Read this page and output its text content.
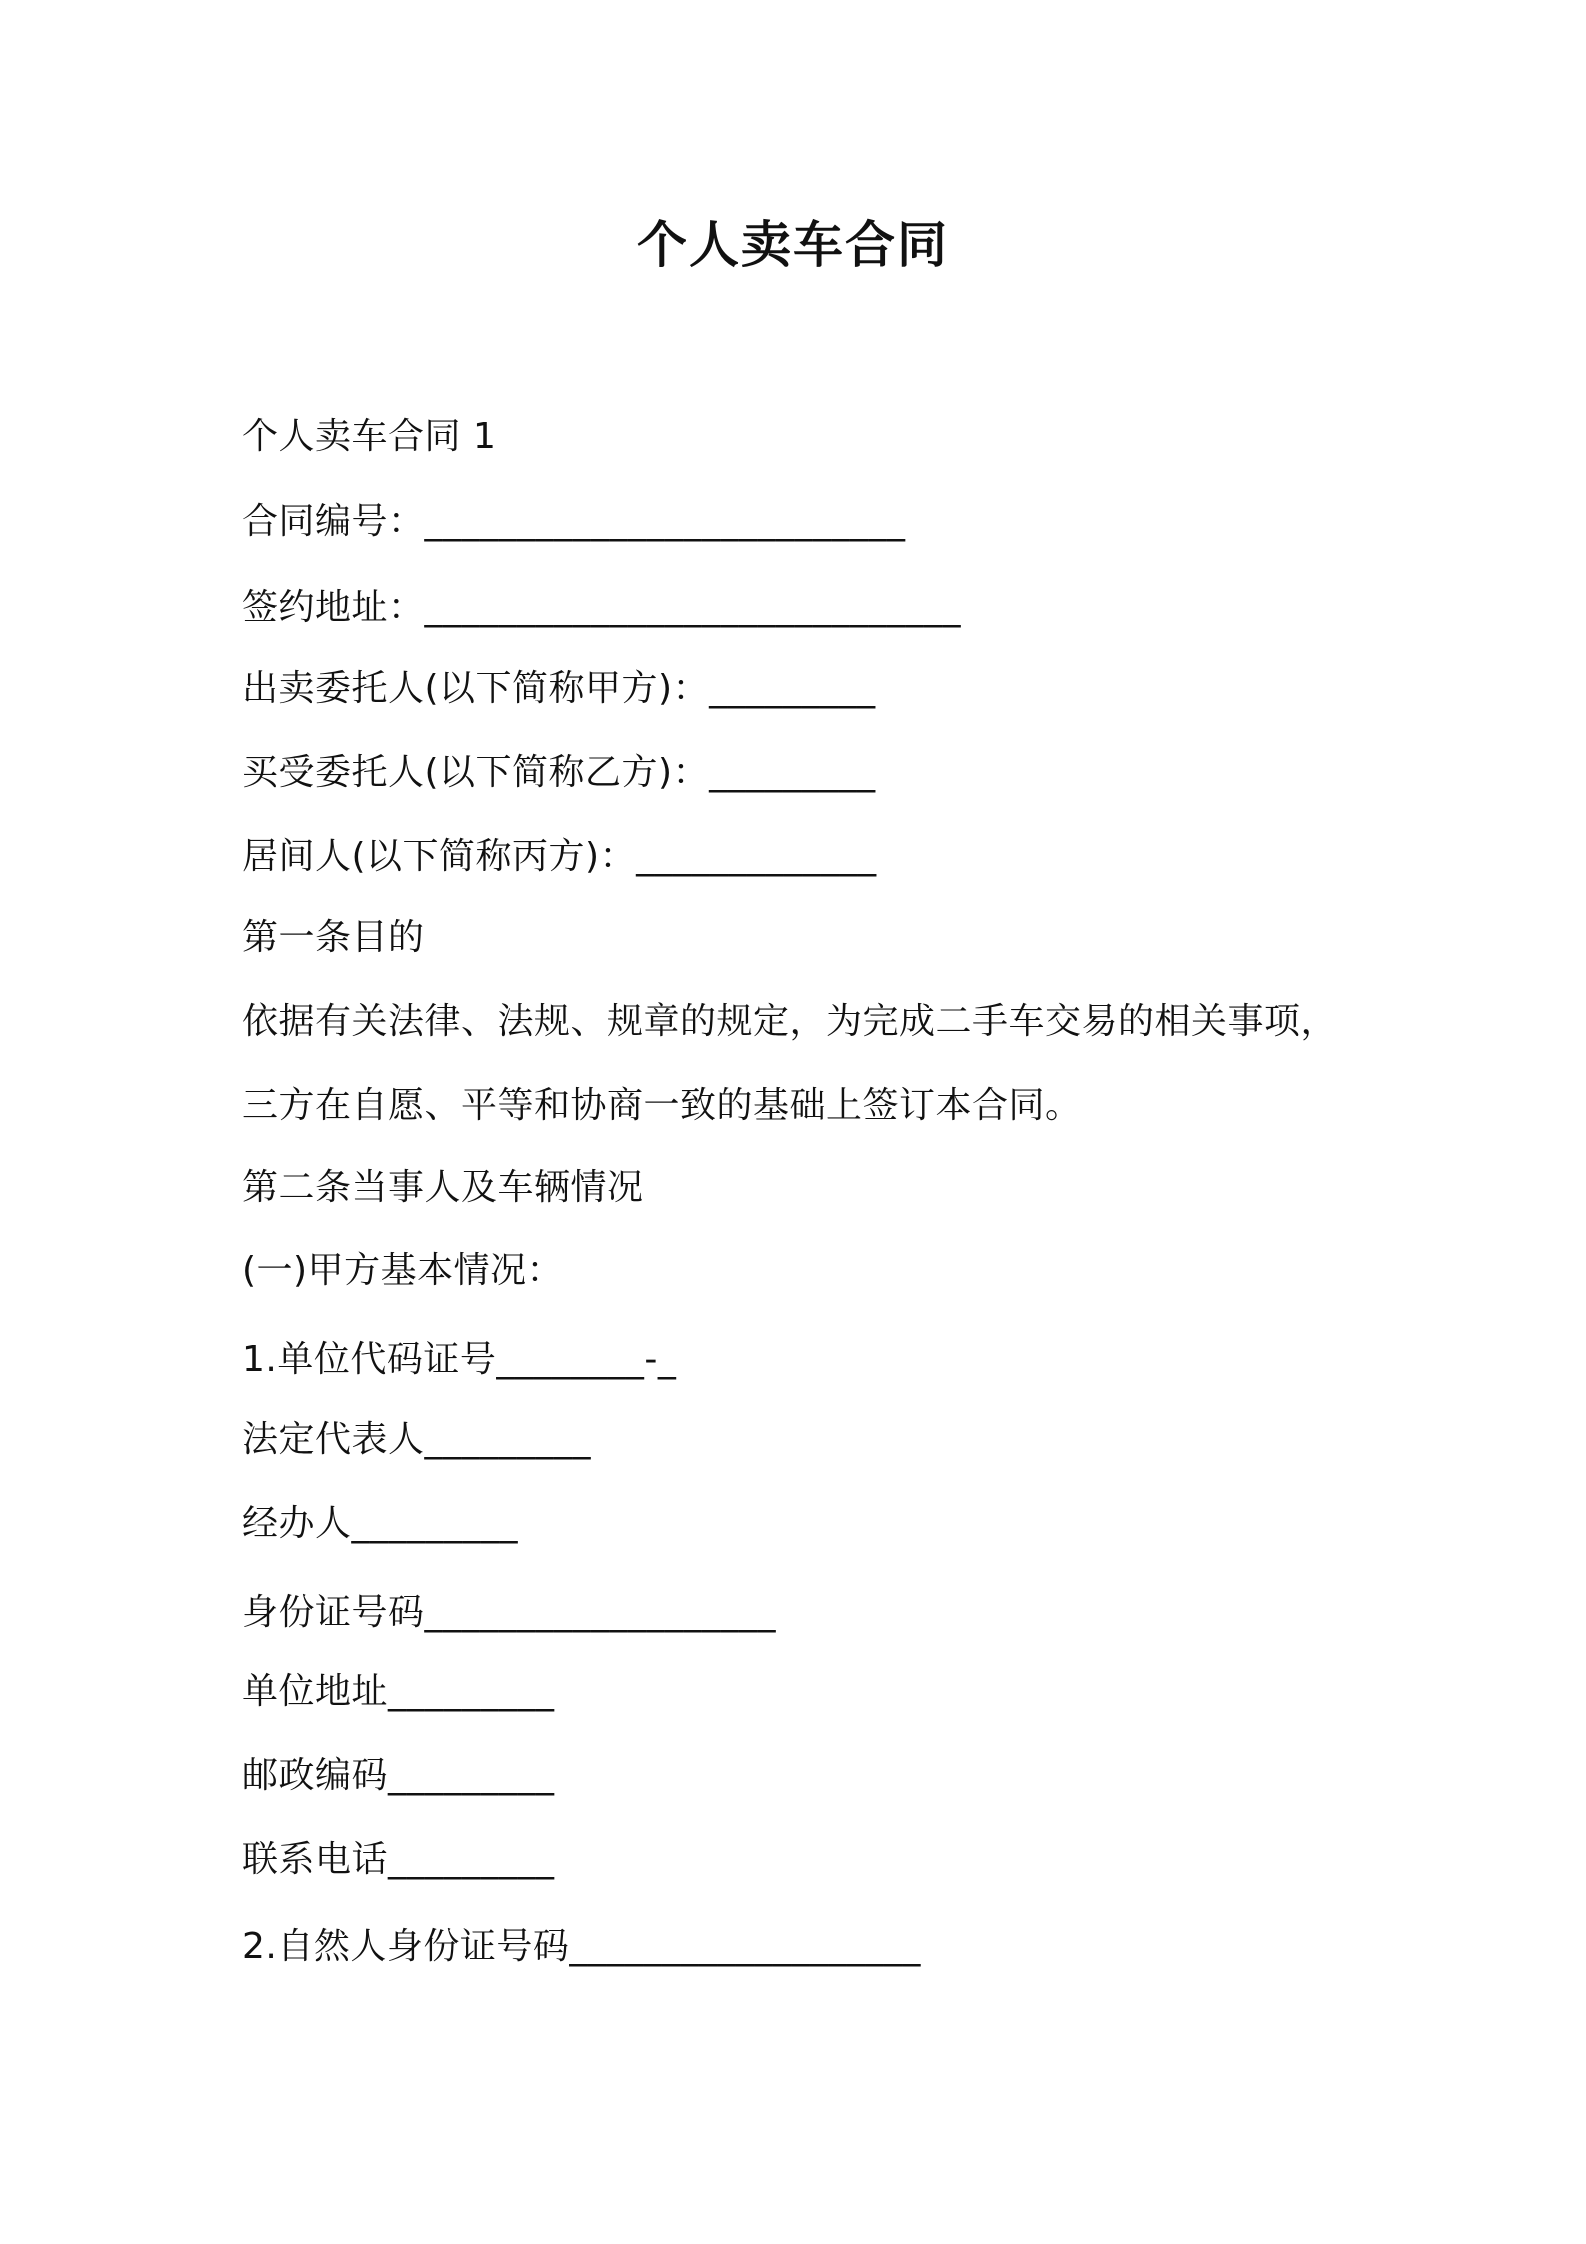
个人卖车合同
个人卖车合同 1
合同编号：__________________________
签约地址：_____________________________
出卖委托人(以下简称甲方)：_________
买受委托人(以下简称乙方)：_________
居间人(以下简称丙方)：_____________
第一条目的
依据有关法律、法规、规章的规定，为完成二手车交易的相关事项，
三方在自愿、平等和协商一致的基础上签订本合同。
第二条当事人及车辆情况
(一)甲方基本情况：
1.单位代码证号________-_
法定代表人_________
经办人_________
身份证号码___________________
单位地址_________
邮政编码_________
联系电话_________
2.自然人身份证号码___________________
